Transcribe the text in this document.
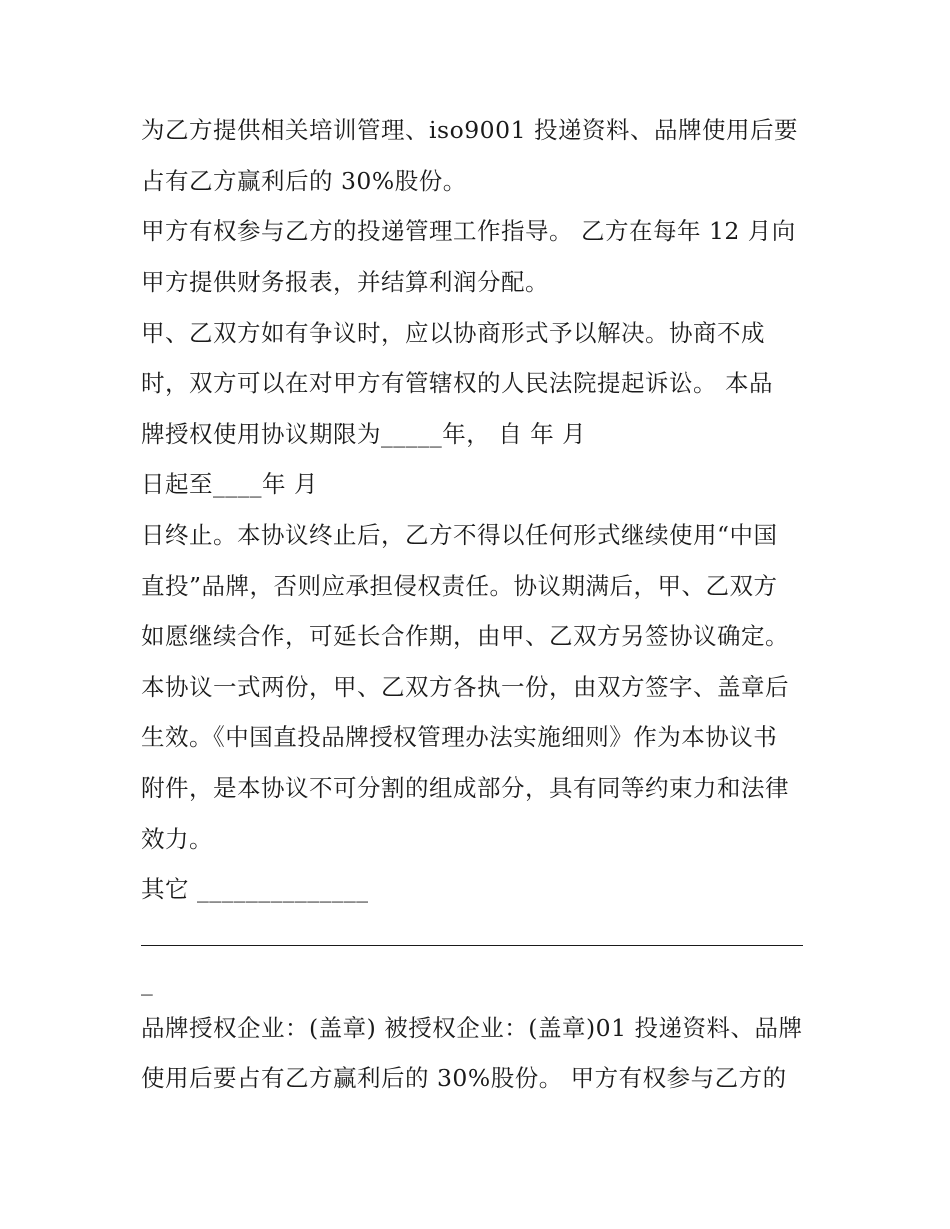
为乙方提供相关培训管理、iso9001 投递资料、品牌使用后要
占有乙方赢利后的 30%股份。
甲方有权参与乙方的投递管理工作指导。 乙方在每年 12 月向
甲方提供财务报表，并结算利润分配。
甲、乙双方如有争议时，应以协商形式予以解决。协商不成
时，双方可以在对甲方有管辖权的人民法院提起诉讼。 本品
牌授权使用协议期限为_____年， 自 年 月
日起至____年 月
日终止。本协议终止后，乙方不得以任何形式继续使用“中国
直投”品牌，否则应承担侵权责任。协议期满后，甲、乙双方
如愿继续合作，可延长合作期，由甲、乙双方另签协议确定。
本协议一式两份，甲、乙双方各执一份，由双方签字、盖章后
生效。《中国直投品牌授权管理办法实施细则》作为本协议书
附件，是本协议不可分割的组成部分，具有同等约束力和法律
效力。
其它 ______________
_
品牌授权企业：(盖章) 被授权企业：(盖章)01 投递资料、品牌
使用后要占有乙方赢利后的 30%股份。 甲方有权参与乙方的
